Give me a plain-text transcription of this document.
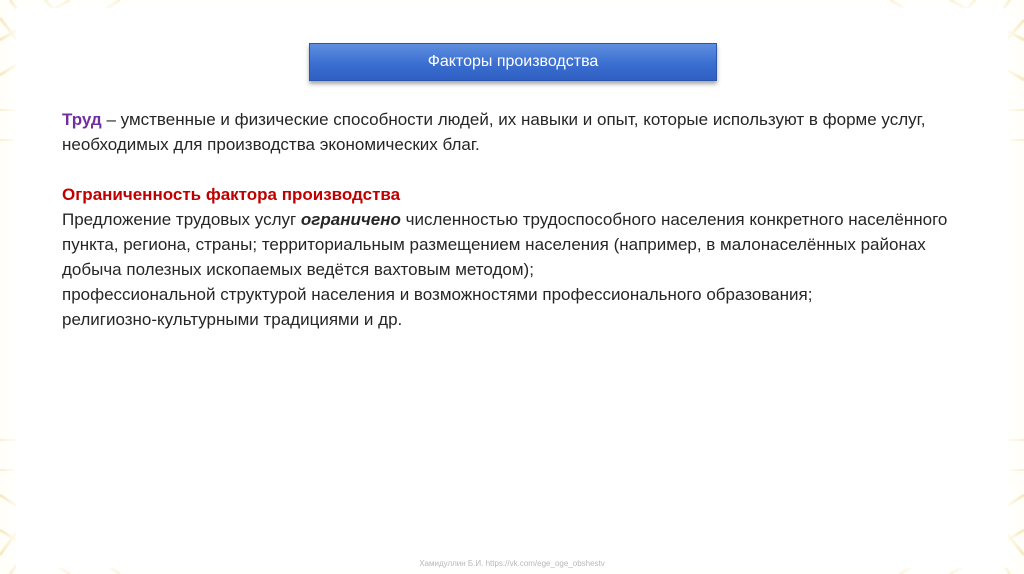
Факторы производства

Труд – умственные и физические способности людей, их навыки и опыт, которые используют в форме услуг, необходимых для производства экономических благ.

Ограниченность фактора производства

Предложение трудовых услуг ограничено численностью трудоспособного населения конкретного населённого пункта, региона, страны; территориальным размещением населения (например, в малонаселённых районах добыча полезных ископаемых ведётся вахтовым методом);

профессиональной структурой населения и возможностями профессионального образования;

религиозно-культурными традициями и др.

Хамидуллин Б.И. https://vk.com/ege_oge_obshestv
